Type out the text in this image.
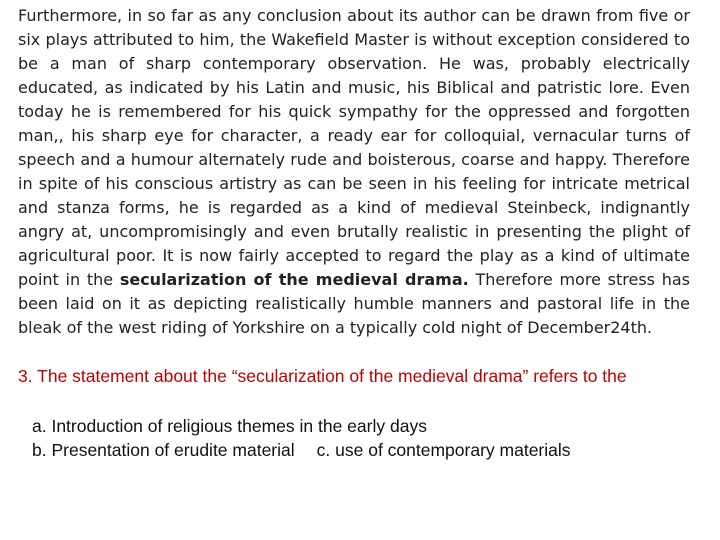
Furthermore, in so far as any conclusion about its author can be drawn from five or six plays attributed to him, the Wakefield Master is without exception considered to be a man of sharp contemporary observation. He was, probably electrically educated, as indicated by his Latin and music, his Biblical and patristic lore. Even today he is remembered for his quick sympathy for the oppressed and forgotten man,, his sharp eye for character, a ready ear for colloquial, vernacular turns of speech and a humour alternately rude and boisterous, coarse and happy. Therefore in spite of his conscious artistry as can be seen in his feeling for intricate metrical and stanza forms, he is regarded as a kind of medieval Steinbeck, indignantly angry at, uncompromisingly and even brutally realistic in presenting the plight of agricultural poor. It is now fairly accepted to regard the play as a kind of ultimate point in the secularization of the medieval drama. Therefore more stress has been laid on it as depicting realistically humble manners and pastoral life in the bleak of the west riding of Yorkshire on a typically cold night of December24th.

3. The statement about the “secularization of the medieval drama” refers to the

a. Introduction of religious themes in the early days
b. Presentation of erudite material c. use of contemporary materials
